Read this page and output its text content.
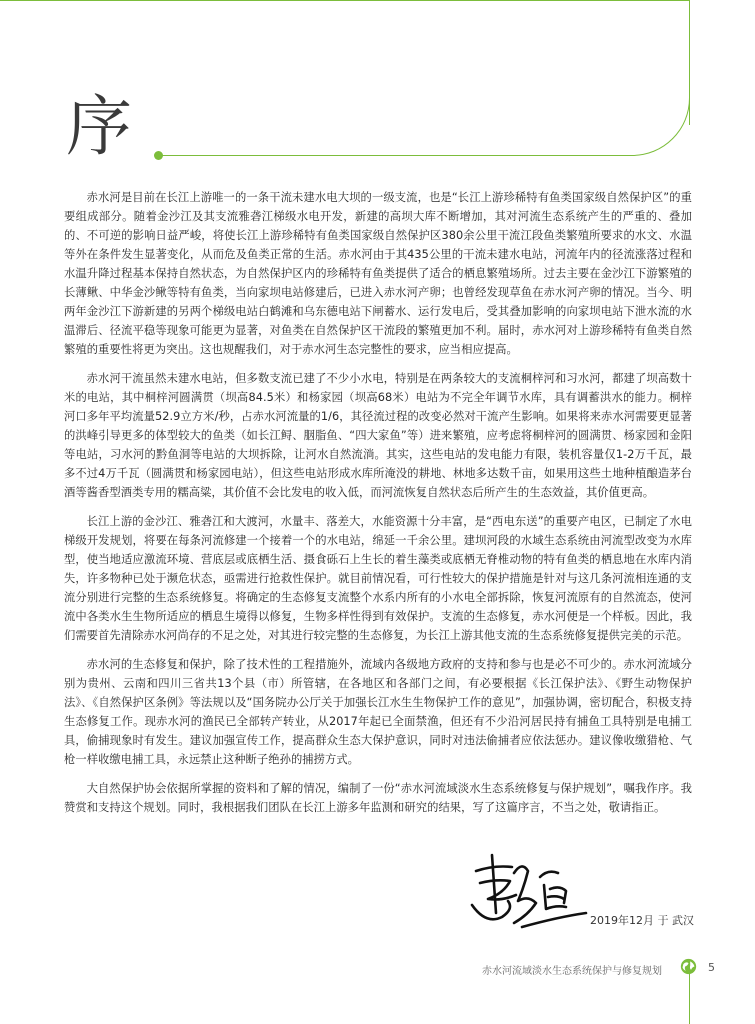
序

赤水河是目前在长江上游唯一的一条干流未建水电大坝的一级支流，也是“长江上游珍稀特有鱼类国家级自然保护区”的重要组成部分。随着金沙江及其支流雅砻江梯级水电开发，新建的高坝大库不断增加，其对河流生态系统产生的严重的、叠加的、不可逆的影响日益严峻，将使长江上游珍稀特有鱼类国家级自然保护区380余公里干流江段鱼类繁殖所要求的水文、水温等外在条件发生显著变化，从而危及鱼类正常的生活。赤水河由于其435公里的干流未建水电站，河流年内的径流涨落过程和水温升降过程基本保持自然状态，为自然保护区内的珍稀特有鱼类提供了适合的栖息繁殖场所。过去主要在金沙江下游繁殖的长薄鳅、中华金沙鳅等特有鱼类，当向家坝电站修建后，已进入赤水河产卵；也曾经发现草鱼在赤水河产卵的情况。当今、明两年金沙江下游新建的另两个梯级电站白鹤滩和乌东德电站下闸蓄水、运行发电后，受其叠加影响的向家坝电站下泄水流的水温滞后、径流平稳等现象可能更为显著，对鱼类在自然保护区干流段的繁殖更加不利。届时，赤水河对上游珍稀特有鱼类自然繁殖的重要性将更为突出。这也规醒我们，对于赤水河生态完整性的要求，应当相应提高。

赤水河干流虽然未建水电站，但多数支流已建了不少小水电，特别是在两条较大的支流桐梓河和习水河，都建了坝高数十米的电站，其中桐梓河圆满贯（坝高84.5米）和杨家园（坝高68米）电站为不完全年调节水库，具有调蓄洪水的能力。桐梓河口多年平均流量52.9立方米/秒，占赤水河流量的1/6，其径流过程的改变必然对干流产生影响。如果将来赤水河需要更显著的洪峰引导更多的体型较大的鱼类（如长江鲟、胭脂鱼、“四大家鱼”等）进来繁殖，应考虑将桐梓河的圆满贯、杨家园和金阳等电站，习水河的黔鱼洞等电站的大坝拆除，让河水自然流淌。其实，这些电站的发电能力有限，装机容量仅1-2万千瓦，最多不过4万千瓦（圆满贯和杨家园电站），但这些电站形成水库所淹没的耕地、林地多达数千亩，如果用这些土地种植酿造茅台酒等酱香型酒类专用的糯高粱，其价值不会比发电的收入低，而河流恢复自然状态后所产生的生态效益，其价值更高。

长江上游的金沙江、雅砻江和大渡河，水量丰、落差大，水能资源十分丰富，是“西电东送”的重要产电区，已制定了水电梯级开发规划，将要在每条河流修建一个接着一个的水电站，绵延一千余公里。建坝河段的水域生态系统由河流型改变为水库型，使当地适应激流环境、营底层或底栖生活、摄食砾石上生长的着生藻类或底栖无脊椎动物的特有鱼类的栖息地在水库内消失，许多物种已处于濒危状态，亟需进行抢救性保护。就目前情况看，可行性较大的保护措施是针对与这几条河流相连通的支流分别进行完整的生态系统修复。将确定的生态修复支流整个水系内所有的小水电全部拆除，恢复河流原有的自然流态，使河流中各类水生生物所适应的栖息生境得以修复，生物多样性得到有效保护。支流的生态修复，赤水河便是一个样板。因此，我们需要首先清除赤水河尚存的不足之处，对其进行较完整的生态修复，为长江上游其他支流的生态系统修复提供完美的示范。

赤水河的生态修复和保护，除了技术性的工程措施外，流域内各级地方政府的支持和参与也是必不可少的。赤水河流域分别为贵州、云南和四川三省共13个县（市）所管辖，在各地区和各部门之间，有必要根据《长江保护法》、《野生动物保护法》、《自然保护区条例》等法规以及“国务院办公厅关于加强长江水生生物保护工作的意见”，加强协调，密切配合，积极支持生态修复工作。现赤水河的渔民已全部转产转业，从2017年起已全面禁渔，但还有不少沿河居民持有捕鱼工具特别是电捕工具，偷捕现象时有发生。建议加强宣传工作，提高群众生态大保护意识，同时对违法偷捕者应依法惩办。建议像收缴猎枪、气枪一样收缴电捕工具，永远禁止这种断子绝孙的捕捞方式。

大自然保护协会依据所掌握的资料和了解的情况，编制了一份“赤水河流域淡水生态系统修复与保护规划”，嘱我作序。我赞赏和支持这个规划。同时，我根据我们团队在长江上游多年监测和研究的结果，写了这篇序言，不当之处，敬请指正。

2019年12月 于 武汉
赤水河流域淡水生态系统保护与修复规划	5
